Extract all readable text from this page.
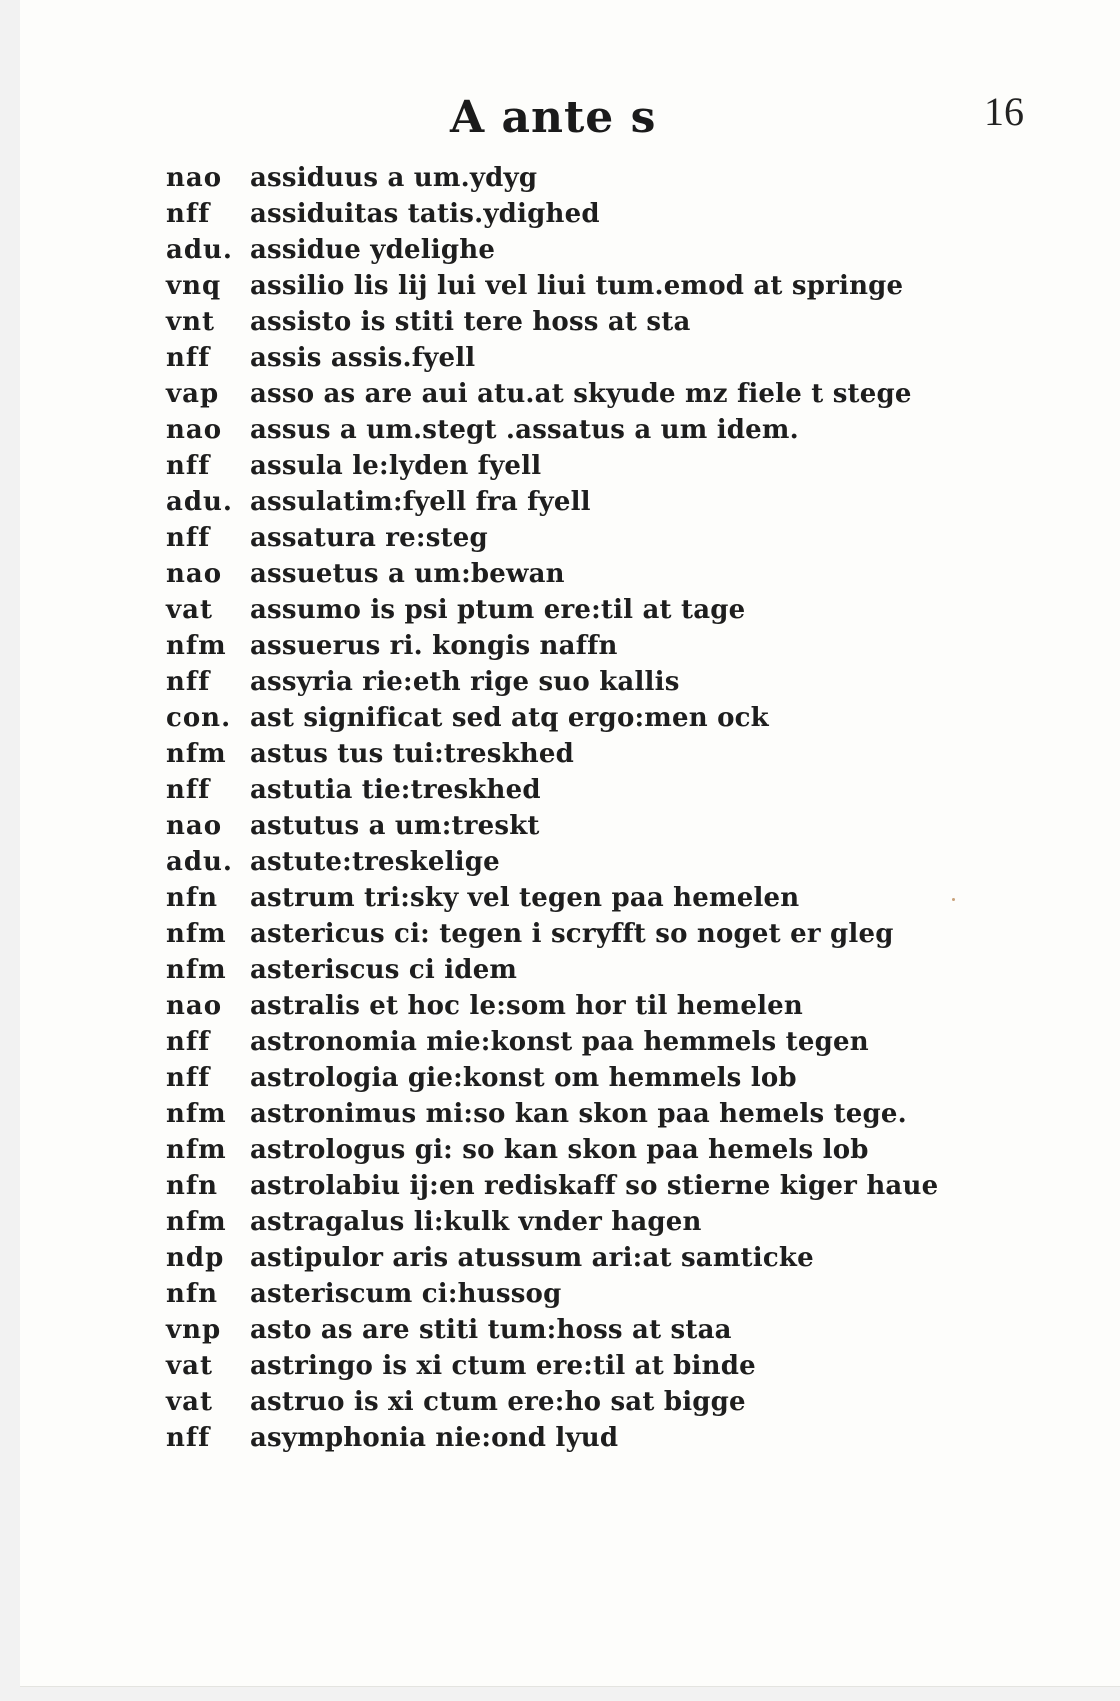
A ante s	16
nao	assiduus a um.ydyg
nff	assiduitas tatis.ydighed
adu. assidue ydelighe
vnq	assilio lis lij lui vel liui tum.emod at springe
vnt	assisto is stiti tere hoss at sta
nff	assis assis.fyell
vap	asso as are aui atu.at skyude mz fiele t stege
nao	assus a um.stegt .assatus a um idem.
nff	assula le:lyden fyell
adu. assulatim:fyell fra fyell
nff	assatura re:steg
nao	assuetus a um:bewan
vat	assumo is psi ptum ere:til at tage
nfm assuerus ri. kongis naffn
nff	assyria rie:eth rige suo kallis
con. ast significat sed atq ergo:men ock
nfm astus tus tui:treskhed
nff	astutia tie:treskhed
nao	astutus a um:treskt
adu. astute:treskelige
nfn	astrum tri:sky vel tegen paa hemelen
nfm astericus ci: tegen i scryfft so noget er gleg
nfm asteriscus ci idem
nao	astralis et hoc le:som hor til hemelen
nff	astronomia mie:konst paa hemmels tegen
nff	astrologia gie:konst om hemmels lob
nfm astronimus mi:so kan skon paa hemels tege.
nfm astrologus gi: so kan skon paa hemels lob
nfn	astrolabiu ij:en rediskaff so stierne kiger haue
nfm astragalus li:kulk vnder hagen
ndp astipulor aris atussum ari:at samticke
nfn	asteriscum ci:hussog
vnp	asto as are stiti tum:hoss at staa
vat	astringo is xi ctum ere:til at binde
vat	astruo is xi ctum ere:ho sat bigge
nff	asymphonia nie:ond lyud
